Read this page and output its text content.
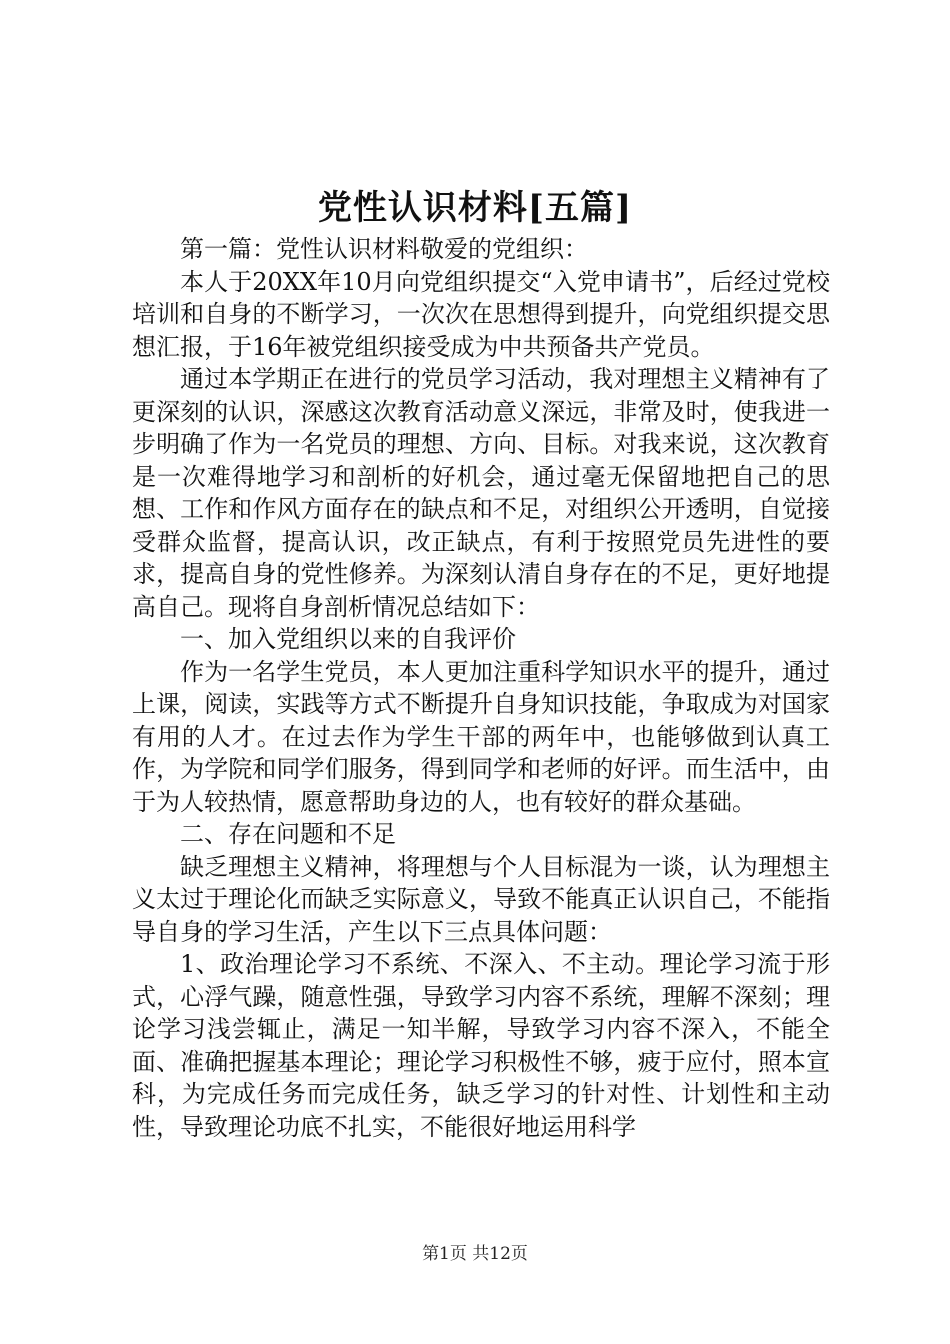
党性认识材料[五篇]

第一篇：党性认识材料敬爱的党组织：

本人于20XX年10月向党组织提交“入党申请书”，后经过党校培训和自身的不断学习，一次次在思想得到提升，向党组织提交思想汇报，于16年被党组织接受成为中共预备共产党员。

通过本学期正在进行的党员学习活动，我对理想主义精神有了更深刻的认识，深感这次教育活动意义深远，非常及时，使我进一步明确了作为一名党员的理想、方向、目标。对我来说，这次教育是一次难得地学习和剖析的好机会，通过毫无保留地把自己的思想、工作和作风方面存在的缺点和不足，对组织公开透明，自觉接受群众监督，提高认识，改正缺点，有利于按照党员先进性的要求，提高自身的党性修养。为深刻认清自身存在的不足，更好地提高自己。现将自身剖析情况总结如下：

一、加入党组织以来的自我评价

作为一名学生党员，本人更加注重科学知识水平的提升，通过上课，阅读，实践等方式不断提升自身知识技能，争取成为对国家有用的人才。在过去作为学生干部的两年中，也能够做到认真工作，为学院和同学们服务，得到同学和老师的好评。而生活中，由于为人较热情，愿意帮助身边的人，也有较好的群众基础。

二、存在问题和不足

缺乏理想主义精神，将理想与个人目标混为一谈，认为理想主义太过于理论化而缺乏实际意义，导致不能真正认识自己，不能指导自身的学习生活，产生以下三点具体问题：

1、政治理论学习不系统、不深入、不主动。理论学习流于形式，心浮气躁，随意性强，导致学习内容不系统，理解不深刻；理论学习浅尝辄止，满足一知半解，导致学习内容不深入，不能全面、准确把握基本理论；理论学习积极性不够，疲于应付，照本宣科，为完成任务而完成任务，缺乏学习的针对性、计划性和主动性，导致理论功底不扎实，不能很好地运用科学

第1页 共12页
